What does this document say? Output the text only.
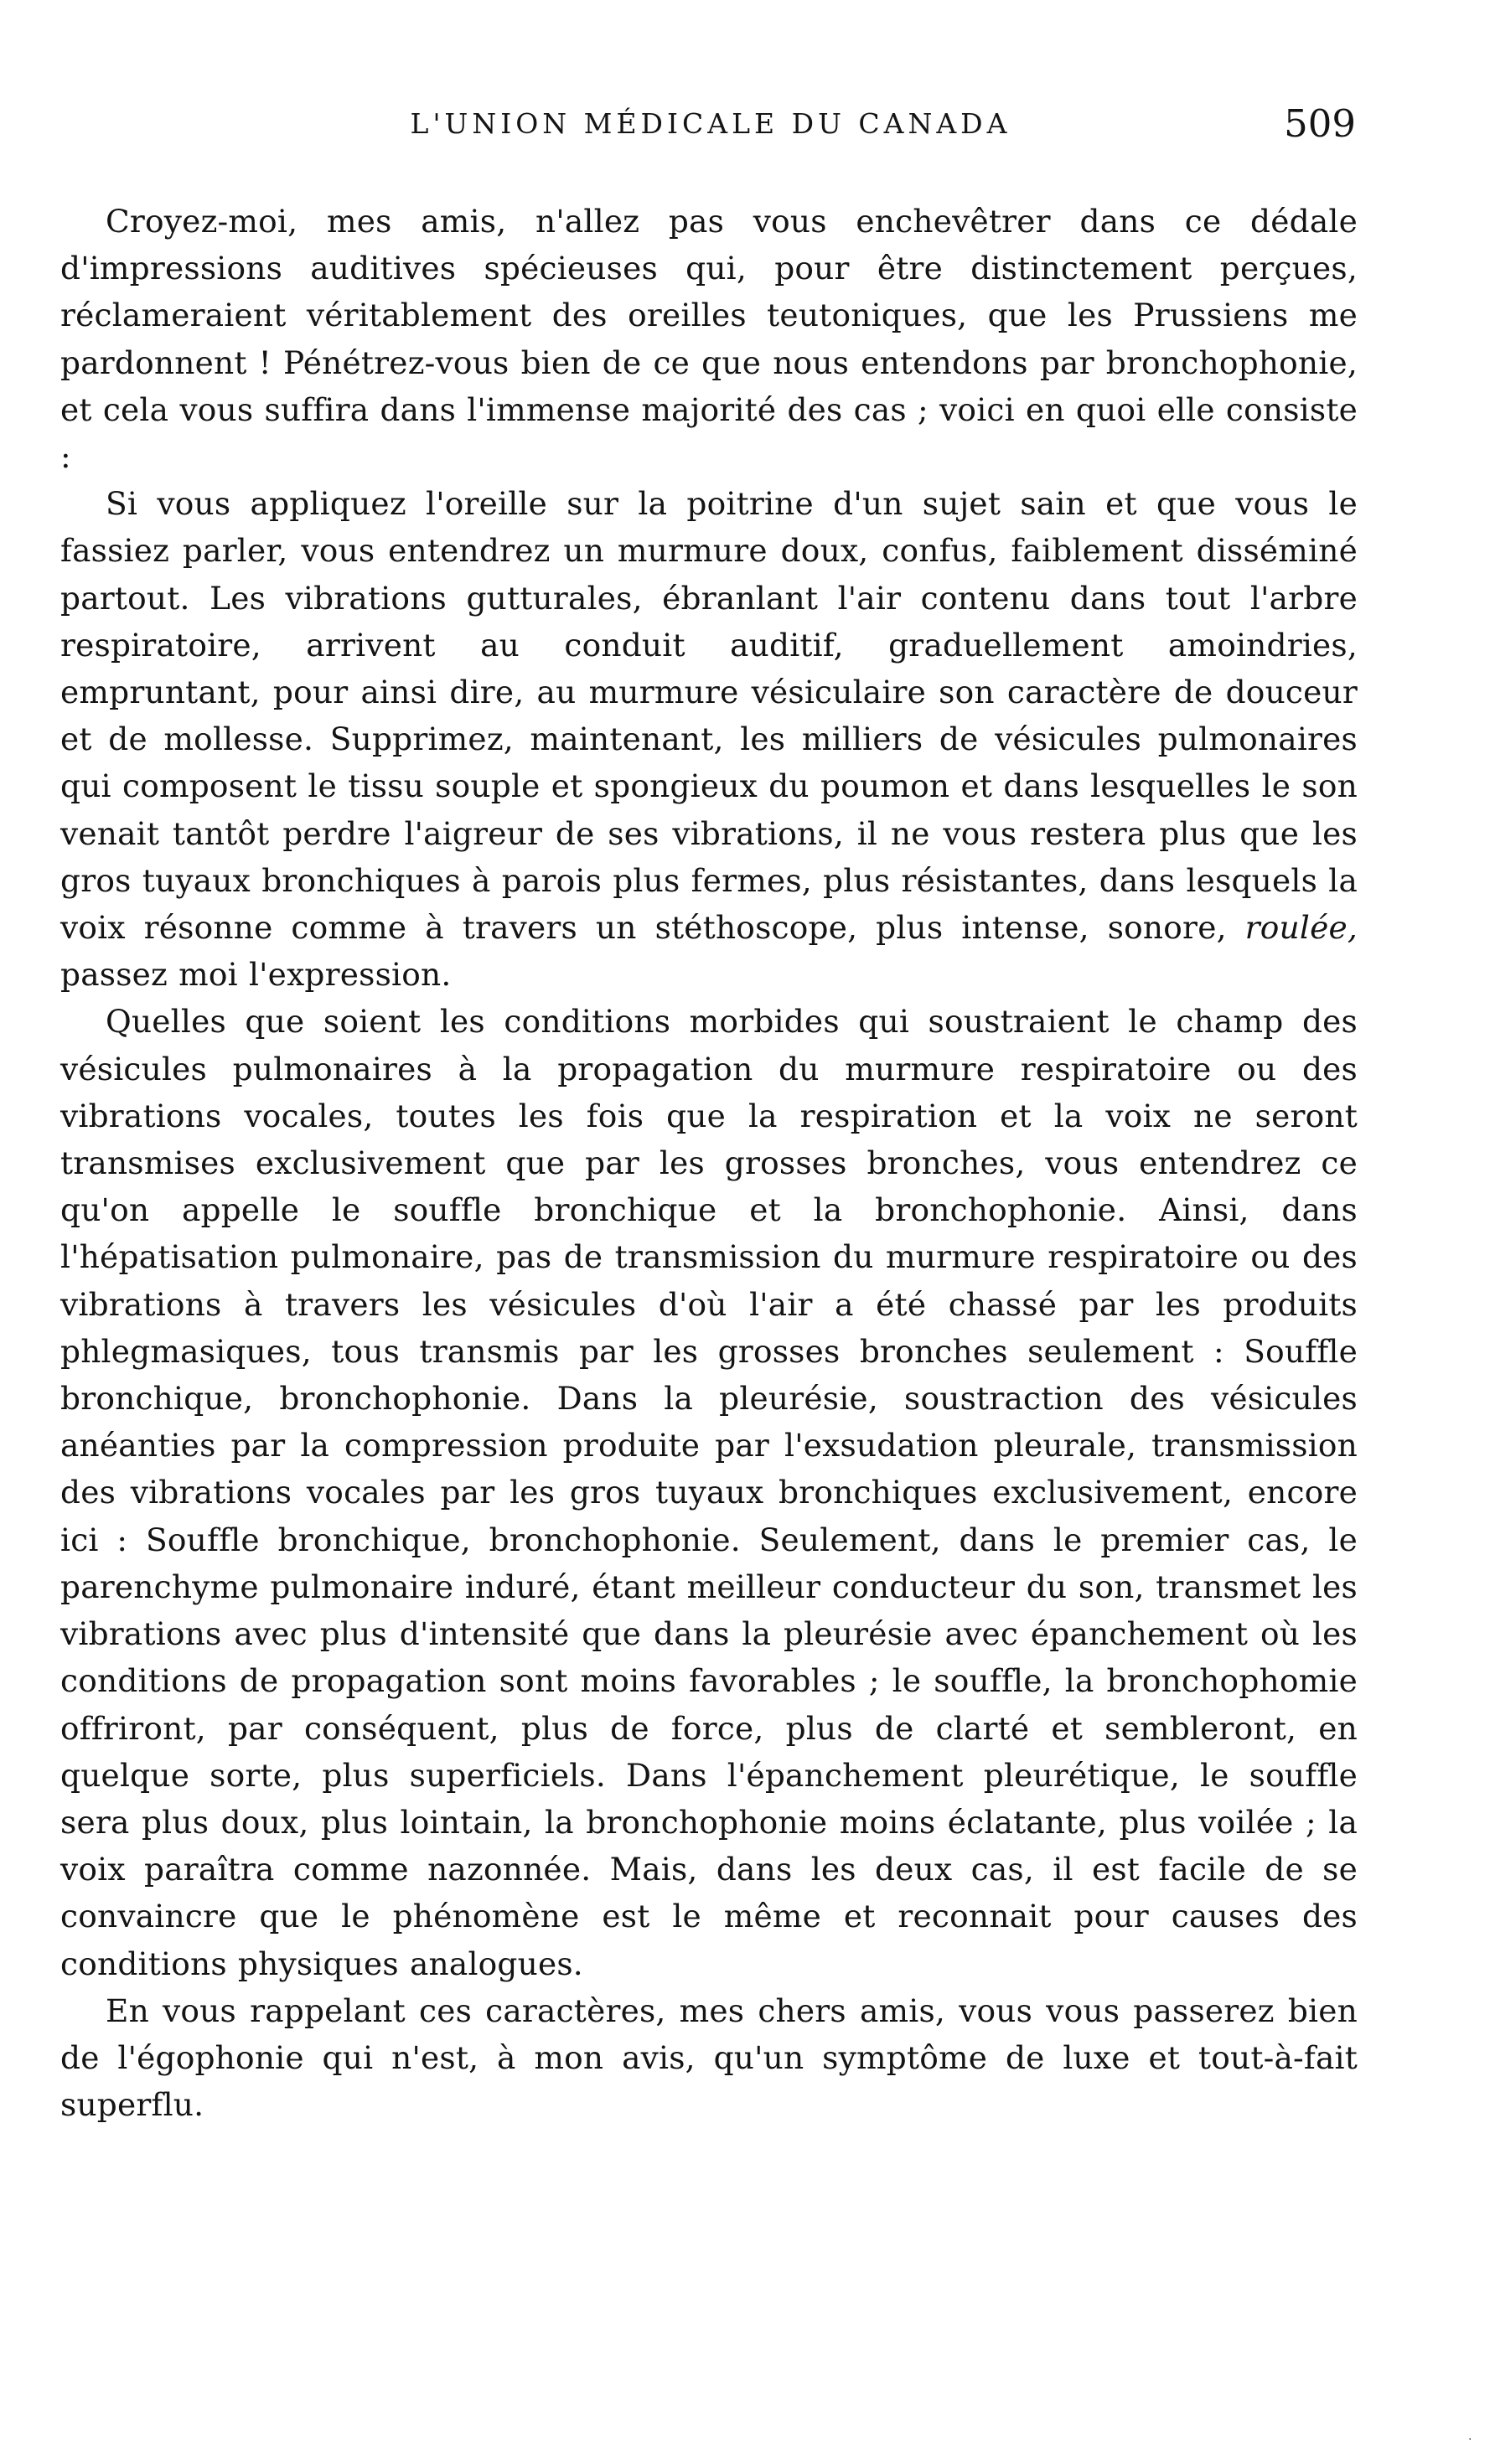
L'UNION MÉDICALE DU CANADA	509

Croyez-moi, mes amis, n'allez pas vous enchevêtrer dans ce dédale d'impressions auditives spécieuses qui, pour être distinctement perçues, réclameraient véritablement des oreilles teutoniques, que les Prussiens me pardonnent ! Pénétrez-vous bien de ce que nous entendons par bronchophonie, et cela vous suffira dans l'immense majorité des cas ; voici en quoi elle consiste :

Si vous appliquez l'oreille sur la poitrine d'un sujet sain et que vous le fassiez parler, vous entendrez un murmure doux, confus, faiblement disséminé partout. Les vibrations gutturales, ébranlant l'air contenu dans tout l'arbre respiratoire, arrivent au conduit auditif, graduellement amoindries, empruntant, pour ainsi dire, au murmure vésiculaire son caractère de douceur et de mollesse. Supprimez, maintenant, les milliers de vésicules pulmonaires qui composent le tissu souple et spongieux du poumon et dans lesquelles le son venait tantôt perdre l'aigreur de ses vibrations, il ne vous restera plus que les gros tuyaux bronchiques à parois plus fermes, plus résistantes, dans lesquels la voix résonne comme à travers un stéthoscope, plus intense, sonore, roulée, passez moi l'expression.

Quelles que soient les conditions morbides qui soustraient le champ des vésicules pulmonaires à la propagation du murmure respiratoire ou des vibrations vocales, toutes les fois que la respiration et la voix ne seront transmises exclusivement que par les grosses bronches, vous entendrez ce qu'on appelle le souffle bronchique et la bronchophonie. Ainsi, dans l'hépatisation pulmonaire, pas de transmission du murmure respiratoire ou des vibrations à travers les vésicules d'où l'air a été chassé par les produits phlegmasiques, tous transmis par les grosses bronches seulement : Souffle bronchique, bronchophonie. Dans la pleurésie, soustraction des vésicules anéanties par la compression produite par l'exsudation pleurale, transmission des vibrations vocales par les gros tuyaux bronchiques exclusivement, encore ici : Souffle bronchique, bronchophonie. Seulement, dans le premier cas, le parenchyme pulmonaire induré, étant meilleur conducteur du son, transmet les vibrations avec plus d'intensité que dans la pleurésie avec épanchement où les conditions de propagation sont moins favorables ; le souffle, la bronchophomie offriront, par conséquent, plus de force, plus de clarté et sembleront, en quelque sorte, plus superficiels. Dans l'épanchement pleurétique, le souffle sera plus doux, plus lointain, la bronchophonie moins éclatante, plus voilée ; la voix paraîtra comme nazonnée. Mais, dans les deux cas, il est facile de se convaincre que le phénomène est le même et reconnait pour causes des conditions physiques analogues.

En vous rappelant ces caractères, mes chers amis, vous vous passerez bien de l'égophonie qui n'est, à mon avis, qu'un symptôme de luxe et tout-à-fait superflu.

·
